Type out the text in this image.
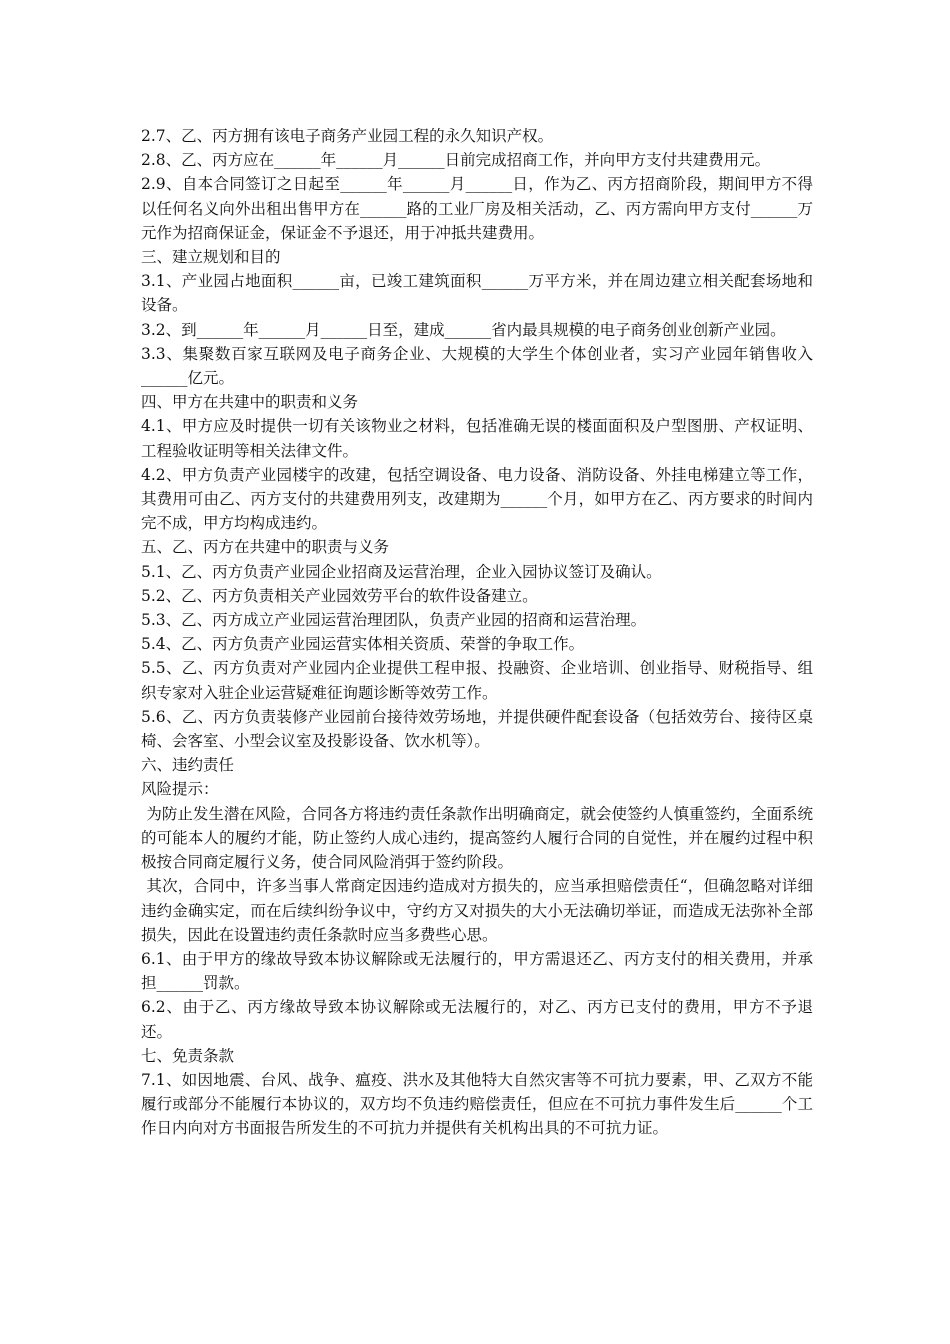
2.7、乙、丙方拥有该电子商务产业园工程的永久知识产权。

2.8、乙、丙方应在______年______月______日前完成招商工作，并向甲方支付共建费用元。

2.9、自本合同签订之日起至______年______月______日，作为乙、丙方招商阶段，期间甲方不得以任何名义向外出租出售甲方在______路的工业厂房及相关活动，乙、丙方需向甲方支付______万元作为招商保证金，保证金不予退还，用于冲抵共建费用。

三、建立规划和目的

3.1、产业园占地面积______亩，已竣工建筑面积______万平方米，并在周边建立相关配套场地和设备。

3.2、到______年______月______日至，建成______省内最具规模的电子商务创业创新产业园。

3.3、集聚数百家互联网及电子商务企业、大规模的大学生个体创业者，实习产业园年销售收入______亿元。

四、甲方在共建中的职责和义务

4.1、甲方应及时提供一切有关该物业之材料，包括准确无误的楼面面积及户型图册、产权证明、工程验收证明等相关法律文件。

4.2、甲方负责产业园楼宇的改建，包括空调设备、电力设备、消防设备、外挂电梯建立等工作，其费用可由乙、丙方支付的共建费用列支，改建期为______个月，如甲方在乙、丙方要求的时间内完不成，甲方均构成违约。

五、乙、丙方在共建中的职责与义务

5.1、乙、丙方负责产业园企业招商及运营治理，企业入园协议签订及确认。

5.2、乙、丙方负责相关产业园效劳平台的软件设备建立。

5.3、乙、丙方成立产业园运营治理团队，负责产业园的招商和运营治理。

5.4、乙、丙方负责产业园运营实体相关资质、荣誉的争取工作。

5.5、乙、丙方负责对产业园内企业提供工程申报、投融资、企业培训、创业指导、财税指导、组织专家对入驻企业运营疑难征询题诊断等效劳工作。

5.6、乙、丙方负责装修产业园前台接待效劳场地，并提供硬件配套设备（包括效劳台、接待区桌椅、会客室、小型会议室及投影设备、饮水机等）。

六、违约责任

风险提示：

为防止发生潜在风险，合同各方将违约责任条款作出明确商定，就会使签约人慎重签约，全面系统的可能本人的履约才能，防止签约人成心违约，提高签约人履行合同的自觉性，并在履约过程中积极按合同商定履行义务，使合同风险消弭于签约阶段。

其次，合同中，许多当事人常商定因违约造成对方损失的，应当承担赔偿责任“，但确忽略对详细违约金确实定，而在后续纠纷争议中，守约方又对损失的大小无法确切举证，而造成无法弥补全部损失，因此在设置违约责任条款时应当多费些心思。

6.1、由于甲方的缘故导致本协议解除或无法履行的，甲方需退还乙、丙方支付的相关费用，并承担______罚款。

6.2、由于乙、丙方缘故导致本协议解除或无法履行的，对乙、丙方已支付的费用，甲方不予退还。

七、免责条款

7.1、如因地震、台风、战争、瘟疫、洪水及其他特大自然灾害等不可抗力要素，甲、乙双方不能履行或部分不能履行本协议的，双方均不负违约赔偿责任，但应在不可抗力事件发生后______个工作日内向对方书面报告所发生的不可抗力并提供有关机构出具的不可抗力证。
